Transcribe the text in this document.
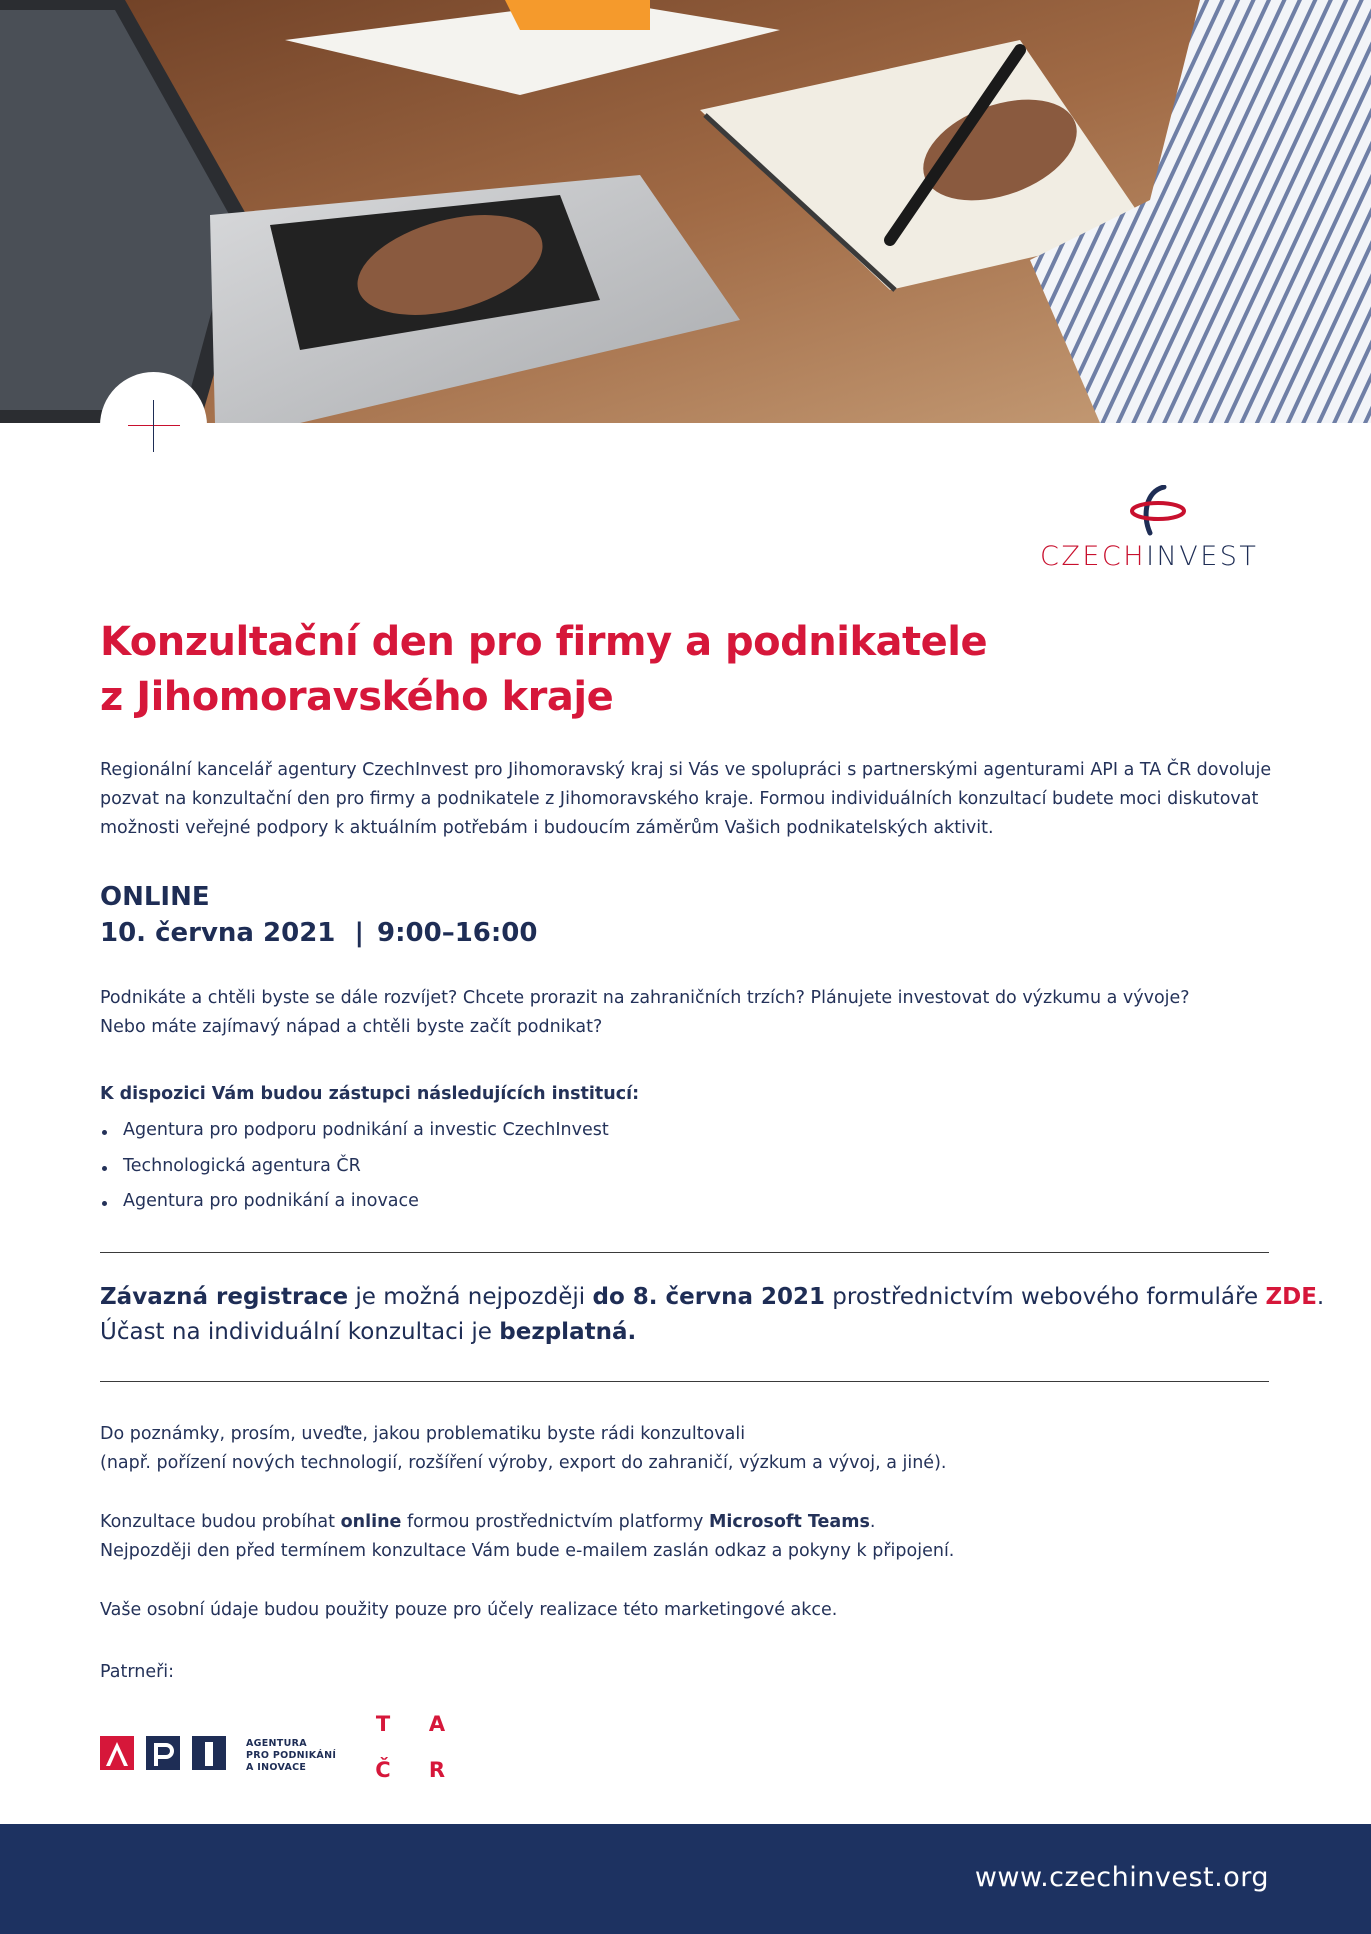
CZECHINVEST
Konzultační den pro firmy a podnikatele
z Jihomoravského kraje
Regionální kancelář agentury CzechInvest pro Jihomoravský kraj si Vás ve spolupráci s partnerskými agenturami API a TA ČR dovoluje
pozvat na konzultační den pro firmy a podnikatele z Jihomoravského kraje. Formou individuálních konzultací budete moci diskutovat
možnosti veřejné podpory k aktuálním potřebám i budoucím záměrům Vašich podnikatelských aktivit.
ONLINE
10. června 2021 | 9:00–16:00
Podnikáte a chtěli byste se dále rozvíjet? Chcete prorazit na zahraničních trzích? Plánujete investovat do výzkumu a vývoje?
Nebo máte zajímavý nápad a chtěli byste začít podnikat?
K dispozici Vám budou zástupci následujících institucí:
Agentura pro podporu podnikání a investic CzechInvest
Technologická agentura ČR
Agentura pro podnikání a inovace
Závazná registrace je možná nejpozději do 8. června 2021 prostřednictvím webového formuláře ZDE.
Účast na individuální konzultaci je bezplatná.
Do poznámky, prosím, uveďte, jakou problematiku byste rádi konzultovali
(např. pořízení nových technologií, rozšíření výroby, export do zahraničí, výzkum a vývoj, a jiné).
Konzultace budou probíhat online formou prostřednictvím platformy Microsoft Teams.
Nejpozději den před termínem konzultace Vám bude e-mailem zaslán odkaz a pokyny k připojení.
Vaše osobní údaje budou použity pouze pro účely realizace této marketingové akce.
Patrneři:
AGENTURA
PRO PODNIKÁNÍ
A INOVACE
T	A
Č	R
www.czechinvest.org
